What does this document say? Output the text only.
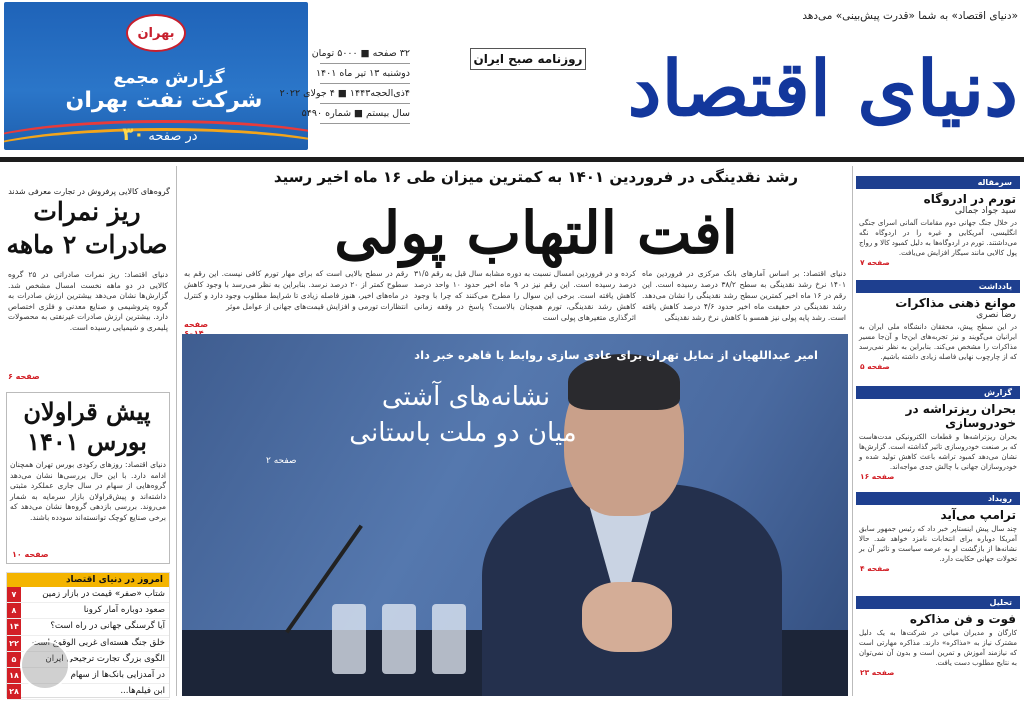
بهران
گزارش مجمع
شرکت نفت بهران
در صفحه۳۰
۳۲ صفحه ■ ۵۰۰۰ تومان
دوشنبه ۱۳ تیر ماه ۱۴۰۱
۴ذی‌الحجه۱۴۴۳ ■ ۴ جولای ۲۰۲۲
سال بیستم ■ شماره ۵۴۹۰
«دنیای اقتصاد» به شما «قدرت پیش‌بینی» می‌دهد
دنیای اقتصاد
روزنامه صبح ایران
رشد نقدینگی در فروردین ۱۴۰۱ به کمترین میزان طی ۱۶ ماه اخیر رسید
افت التهاب پولی
دنیای اقتصاد: بر اساس آمارهای بانک مرکزی در فروردین ماه ۱۴۰۱ نرخ رشد نقدینگی به سطح ۳۸/۲ درصد رسیده است. این رقم در ۱۶ ماه اخیر کمترین سطح رشد نقدینگی را نشان می‌دهد. رشد نقدینگی در حقیقت ماه اخیر حدود ۴/۶ درصد کاهش یافته است. رشد پایه پولی نیز همسو با کاهش نرخ رشد نقدینگی
کرده و در فروردین امسال نسبت به دوره مشابه سال قبل به رقم ۳۱/۵ درصد رسیده است. این رقم نیز در ۹ ماه اخیر حدود ۱۰ واحد درصد کاهش یافته است. برخی این سوال را مطرح می‌کنند که چرا با وجود کاهش رشد نقدینگی، تورم همچنان بالاست؟ پاسخ در وقفه زمانی اثرگذاری متغیرهای پولی است
رقم در سطح بالایی است که برای مهار تورم کافی نیست. این رقم به سطوح کمتر از ۲۰ درصد نرسد. بنابراین به نظر می‌رسد با وجود کاهش در ماه‌های اخیر، هنوز فاصله زیادی تا شرایط مطلوب وجود دارد و کنترل انتظارات تورمی و افزایش قیمت‌های جهانی از عوامل موثر
صفحه
امیر عبداللهیان از تمایل تهران برای عادی سازی روابط با قاهره خبر داد
نشانه‌های آشتی
میان دو ملت باستانی
صفحه ۲
گروه‌های کالایی پرفروش در تجارت معرفی شدند
ریز نمرات
صادرات ۲ ماهه
دنیای اقتصاد: ریز نمرات صادراتی در ۲۵ گروه کالایی در دو ماهه نخست امسال مشخص شد. گزارش‌ها نشان می‌دهد بیشترین ارزش صادرات به گروه پتروشیمی و صنایع معدنی و فلزی اختصاص دارد. بیشترین ارزش صادرات غیرنفتی به محصولات پلیمری و شیمیایی رسیده است.
صفحه ۶
پیش قراولان
بورس ۱۴۰۱
دنیای اقتصاد: روزهای رکودی بورس تهران همچنان ادامه دارد. با این حال بررسی‌ها نشان می‌دهد گروه‌هایی از سهام در سال جاری عملکرد مثبتی داشته‌اند و پیش‌قراولان بازار سرمایه به شمار می‌روند. بررسی بازدهی گروه‌ها نشان می‌دهد که برخی صنایع کوچک توانسته‌اند سودده باشند.
صفحه ۱۰
امروز در دنیای اقتصاد
شتاب «صفر» قیمت در بازار زمین
۷
صعود دوباره آمار کرونا
۸
آیا گرسنگی جهانی در راه است؟
۱۴
خلق جنگ هسته‌ای غربی الوقوع است
۲۲
الگوی بزرگ تجارت ترجیحی ایران
۵
در آمدزایی بانک‌ها از سهام
۱۸
ابن فیلم‌ها...
۲۸
سرمقاله
تورم در ادروگاه
سید جواد جمالی
در خلال جنگ جهانی دوم مقامات آلمانی اسرای جنگی انگلیسی، آمریکایی و غیره را در اردوگاه نگه می‌داشتند. تورم در اردوگاه‌ها به دلیل کمبود کالا و رواج پول کالایی مانند سیگار افزایش می‌یافت.
صفحه ۷
یادداشت
موانع ذهنی مذاکرات
رضا نصری
در این سطح پیش، محققان دانشگاه ملی ایران به ایرانیان می‌گویند و نیز تجربه‌های این‌جا و آن‌جا مسیر مذاکرات را مشخص می‌کند. بنابراین به نظر نمی‌رسد که از چارچوب نهایی فاصله زیادی داشته باشیم.
صفحه ۵
گزارش
بحران ریزتراشه در خودروسازی
بحران ریزتراشه‌ها و قطعات الکترونیکی مدت‌هاست که بر صنعت خودروسازی تاثیر گذاشته است. گزارش‌ها نشان می‌دهد کمبود تراشه باعث کاهش تولید شده و خودروسازان جهانی با چالش جدی مواجه‌اند.
صفحه ۱۶
رویداد
ترامپ می‌آید
چند سال پیش اینستاپر خبر داد که رئیس جمهور سابق آمریکا دوباره برای انتخابات نامزد خواهد شد. حالا نشانه‌ها از بازگشت او به عرصه سیاست و تاثیر آن بر تحولات جهانی حکایت دارد.
صفحه ۴
تحلیل
فوت و فن مذاکره
کارگان و مدیران میانی در شرکت‌ها به یک دلیل مشترک نیاز به «مذاکره» دارند. مذاکره مهارتی است که نیازمند آموزش و تمرین است و بدون آن نمی‌توان به نتایج مطلوب دست یافت.
صفحه ۲۳
